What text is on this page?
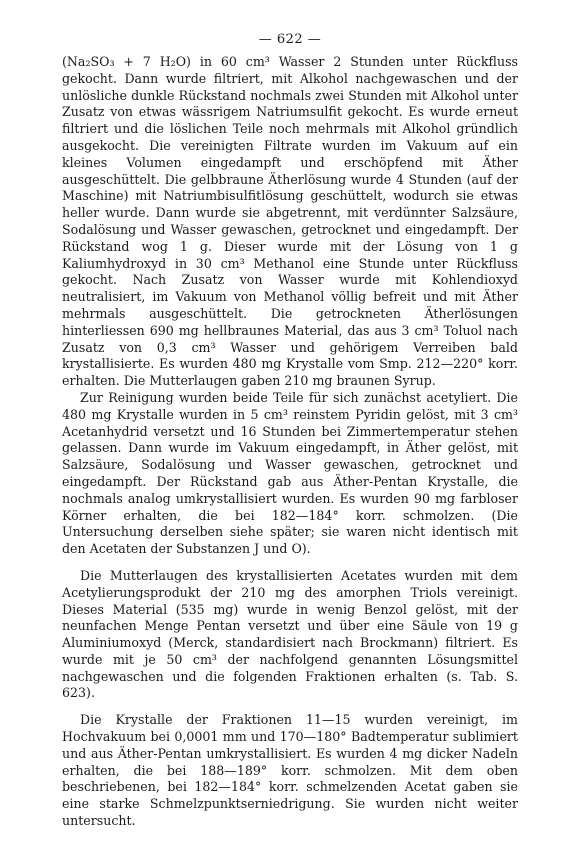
— 622 —

(Na₂SO₃ + 7 H₂O) in 60 cm³ Wasser 2 Stunden unter Rückfluss gekocht. Dann wurde filtriert, mit Alkohol nachgewaschen und der unlösliche dunkle Rückstand nochmals zwei Stunden mit Alkohol unter Zusatz von etwas wässrigem Natriumsulfit gekocht. Es wurde erneut filtriert und die löslichen Teile noch mehrmals mit Alkohol gründlich ausgekocht. Die vereinigten Filtrate wurden im Vakuum auf ein kleines Volumen eingedampft und erschöpfend mit Äther ausgeschüttelt. Die gelbbraune Ätherlösung wurde 4 Stunden (auf der Maschine) mit Natriumbisulfitlösung geschüttelt, wodurch sie etwas heller wurde. Dann wurde sie abgetrennt, mit verdünnter Salzsäure, Sodalösung und Wasser gewaschen, getrocknet und eingedampft. Der Rückstand wog 1 g. Dieser wurde mit der Lösung von 1 g Kaliumhydroxyd in 30 cm³ Methanol eine Stunde unter Rückfluss gekocht. Nach Zusatz von Wasser wurde mit Kohlendioxyd neutralisiert, im Vakuum von Methanol völlig befreit und mit Äther mehrmals ausgeschüttelt. Die getrockneten Ätherlösungen hinterliessen 690 mg hellbraunes Material, das aus 3 cm³ Toluol nach Zusatz von 0,3 cm³ Wasser und gehörigem Verreiben bald krystallisierte. Es wurden 480 mg Krystalle vom Smp. 212—220° korr. erhalten. Die Mutterlaugen gaben 210 mg braunen Syrup.

Zur Reinigung wurden beide Teile für sich zunächst acetyliert. Die 480 mg Krystalle wurden in 5 cm³ reinstem Pyridin gelöst, mit 3 cm³ Acetanhydrid versetzt und 16 Stunden bei Zimmertemperatur stehen gelassen. Dann wurde im Vakuum eingedampft, in Äther gelöst, mit Salzsäure, Sodalösung und Wasser gewaschen, getrocknet und eingedampft. Der Rückstand gab aus Äther-Pentan Krystalle, die nochmals analog umkrystallisiert wurden. Es wurden 90 mg farbloser Körner erhalten, die bei 182—184° korr. schmolzen. (Die Untersuchung derselben siehe später; sie waren nicht identisch mit den Acetaten der Substanzen J und O).

Die Mutterlaugen des krystallisierten Acetates wurden mit dem Acetylierungsprodukt der 210 mg des amorphen Triols vereinigt. Dieses Material (535 mg) wurde in wenig Benzol gelöst, mit der neunfachen Menge Pentan versetzt und über eine Säule von 19 g Aluminiumoxyd (Merck, standardisiert nach Brockmann) filtriert. Es wurde mit je 50 cm³ der nachfolgend genannten Lösungsmittel nachgewaschen und die folgenden Fraktionen erhalten (s. Tab. S. 623).

Die Krystalle der Fraktionen 11—15 wurden vereinigt, im Hochvakuum bei 0,0001 mm und 170—180° Badtemperatur sublimiert und aus Äther-Pentan umkrystallisiert. Es wurden 4 mg dicker Nadeln erhalten, die bei 188—189° korr. schmolzen. Mit dem oben beschriebenen, bei 182—184° korr. schmelzenden Acetat gaben sie eine starke Schmelzpunktserniedrigung. Sie wurden nicht weiter untersucht.
